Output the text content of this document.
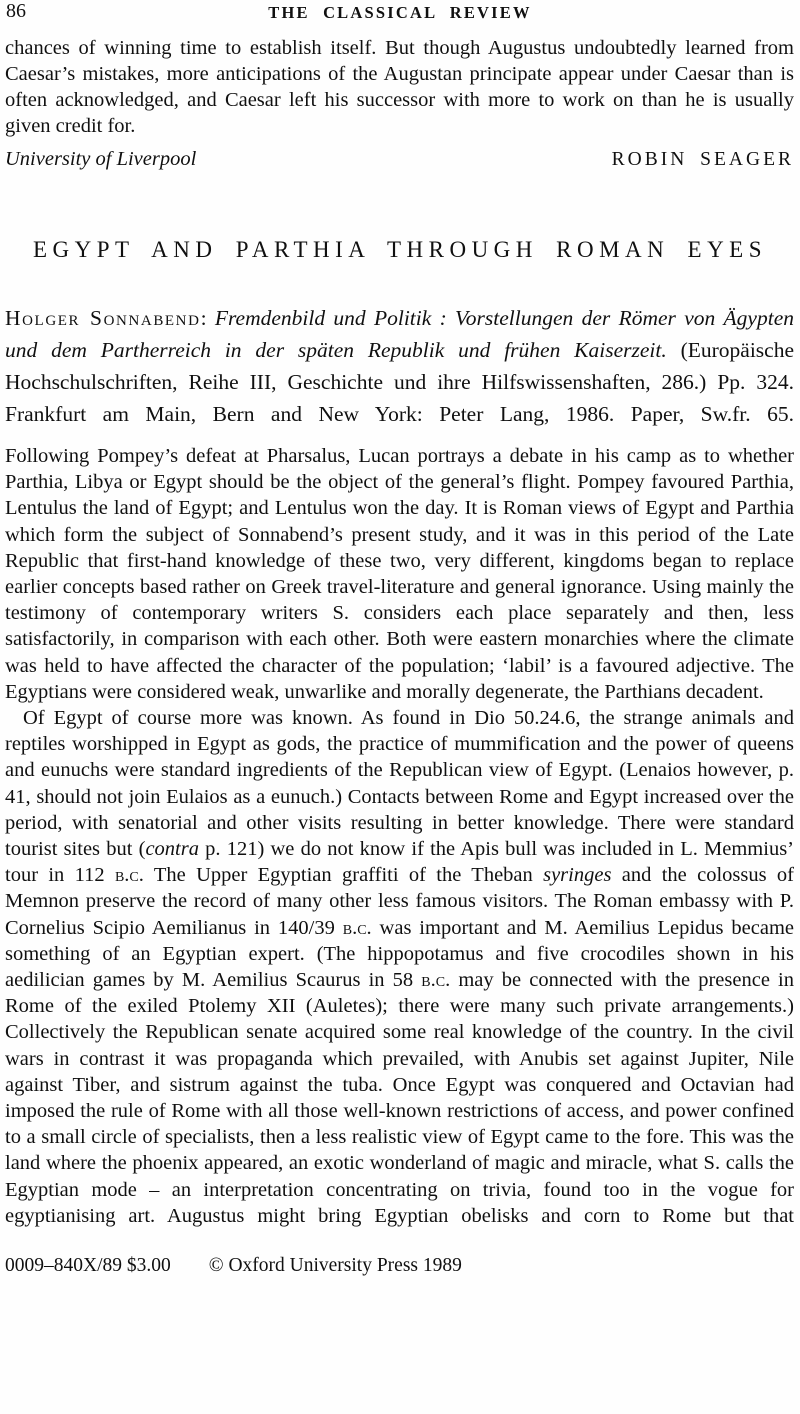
86	THE CLASSICAL REVIEW

chances of winning time to establish itself. But though Augustus undoubtedly learned from Caesar’s mistakes, more anticipations of the Augustan principate appear under Caesar than is often acknowledged, and Caesar left his successor with more to work on than he is usually given credit for.

University of Liverpool	ROBIN SEAGER
EGYPT AND PARTHIA THROUGH ROMAN EYES

Holger Sonnabend: Fremdenbild und Politik : Vorstellungen der Römer von Ägypten und dem Partherreich in der späten Republik und frühen Kaiserzeit. (Europäische Hochschulschriften, Reihe III, Geschichte und ihre Hilfswissenshaften, 286.) Pp. 324. Frankfurt am Main, Bern and New York: Peter Lang, 1986. Paper, Sw.fr. 65.

Following Pompey’s defeat at Pharsalus, Lucan portrays a debate in his camp as to whether Parthia, Libya or Egypt should be the object of the general’s flight. Pompey favoured Parthia, Lentulus the land of Egypt; and Lentulus won the day. It is Roman views of Egypt and Parthia which form the subject of Sonnabend’s present study, and it was in this period of the Late Republic that first-hand knowledge of these two, very different, kingdoms began to replace earlier concepts based rather on Greek travel-literature and general ignorance. Using mainly the testimony of contemporary writers S. considers each place separately and then, less satisfactorily, in comparison with each other. Both were eastern monarchies where the climate was held to have affected the character of the population; ‘labil’ is a favoured adjective. The Egyptians were considered weak, unwarlike and morally degenerate, the Parthians decadent.

Of Egypt of course more was known. As found in Dio 50.24.6, the strange animals and reptiles worshipped in Egypt as gods, the practice of mummification and the power of queens and eunuchs were standard ingredients of the Republican view of Egypt. (Lenaios however, p. 41, should not join Eulaios as a eunuch.) Contacts between Rome and Egypt increased over the period, with senatorial and other visits resulting in better knowledge. There were standard tourist sites but (contra p. 121) we do not know if the Apis bull was included in L. Memmius’ tour in 112 b.c. The Upper Egyptian graffiti of the Theban syringes and the colossus of Memnon preserve the record of many other less famous visitors. The Roman embassy with P. Cornelius Scipio Aemilianus in 140/39 b.c. was important and M. Aemilius Lepidus became something of an Egyptian expert. (The hippopotamus and five crocodiles shown in his aedilician games by M. Aemilius Scaurus in 58 b.c. may be connected with the presence in Rome of the exiled Ptolemy XII (Auletes); there were many such private arrangements.) Collectively the Republican senate acquired some real knowledge of the country. In the civil wars in contrast it was propaganda which prevailed, with Anubis set against Jupiter, Nile against Tiber, and sistrum against the tuba. Once Egypt was conquered and Octavian had imposed the rule of Rome with all those well-known restrictions of access, and power confined to a small circle of specialists, then a less realistic view of Egypt came to the fore. This was the land where the phoenix appeared, an exotic wonderland of magic and miracle, what S. calls the Egyptian mode – an interpretation concentrating on trivia, found too in the vogue for egyptianising art. Augustus might bring Egyptian obelisks and corn to Rome but that

0009–840X/89 $3.00 © Oxford University Press 1989
